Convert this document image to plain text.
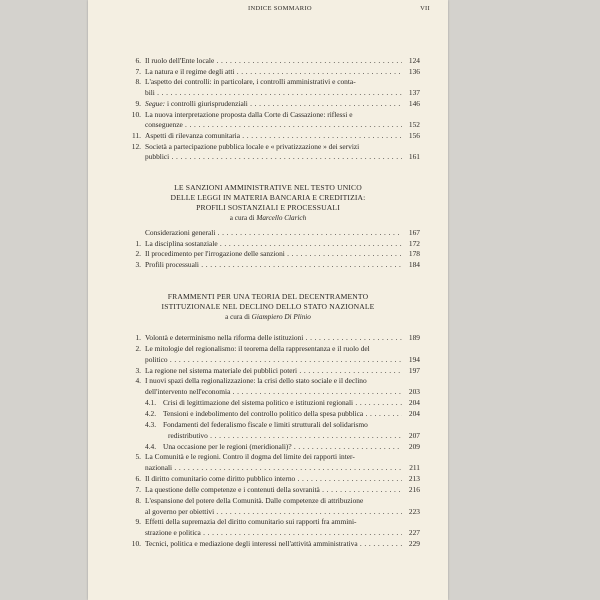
INDICE SOMMARIO	VII
6. Il ruolo dell'Ente locale . . .	124
7. La natura e il regime degli atti . . .	136
8. L'aspetto dei controlli: in particolare, i controlli amministrativi e conta-
bili . . .	137
9. Segue: i controlli giurisprudenziali . . .	146
10. La nuova interpretazione proposta dalla Corte di Cassazione: riflessi e
conseguenze . . .	152
11. Aspetti di rilevanza comunitaria . . .	156
12. Società a partecipazione pubblica locale e « privatizzazione » dei servizi
pubblici . . .	161
LE SANZIONI AMMINISTRATIVE NEL TESTO UNICO
DELLE LEGGI IN MATERIA BANCARIA E CREDITIZIA:
PROFILI SOSTANZIALI E PROCESSUALI
a cura di Marcello Clarich
Considerazioni generali . . .	167
1. La disciplina sostanziale . . .	172
2. Il procedimento per l'irrogazione delle sanzioni . . .	178
3. Profili processuali . . .	184
FRAMMENTI PER UNA TEORIA DEL DECENTRAMENTO
ISTITUZIONALE NEL DECLINO DELLO STATO NAZIONALE
a cura di Giampiero Di Plinio
1. Volontà e determinismo nella riforma delle istituzioni . . .	189
2. Le mitologie del regionalismo: il teorema della rappresentanza e il ruolo del
politico . . .	194
3. La regione nel sistema materiale dei pubblici poteri . . .	197
4. I nuovi spazi della regionalizzazione: la crisi dello stato sociale e il declino
dell'intervento nell'economia . . .	203
4.1. Crisi di legittimazione del sistema politico e istituzioni regionali . . .	204
4.2. Tensioni e indebolimento del controllo politico della spesa pubblica . . .	204
4.3. Fondamenti del federalismo fiscale e limiti strutturali del solidarismo
redistributivo . . .	207
4.4. Una occasione per le regioni (meridionali)? . . .	209
5. La Comunità e le regioni. Contro il dogma del limite dei rapporti inter-
nazionali . . .	211
6. Il diritto comunitario come diritto pubblico interno . . .	213
7. La questione delle competenze e i contenuti della sovranità . . .	216
8. L'espansione del potere della Comunità. Dalle competenze di attribuzione
al governo per obiettivi . . .	223
9. Effetti della supremazia del diritto comunitario sui rapporti fra ammini-
strazione e politica . . .	227
10. Tecnici, politica e mediazione degli interessi nell'attività amministrativa . . .	229
